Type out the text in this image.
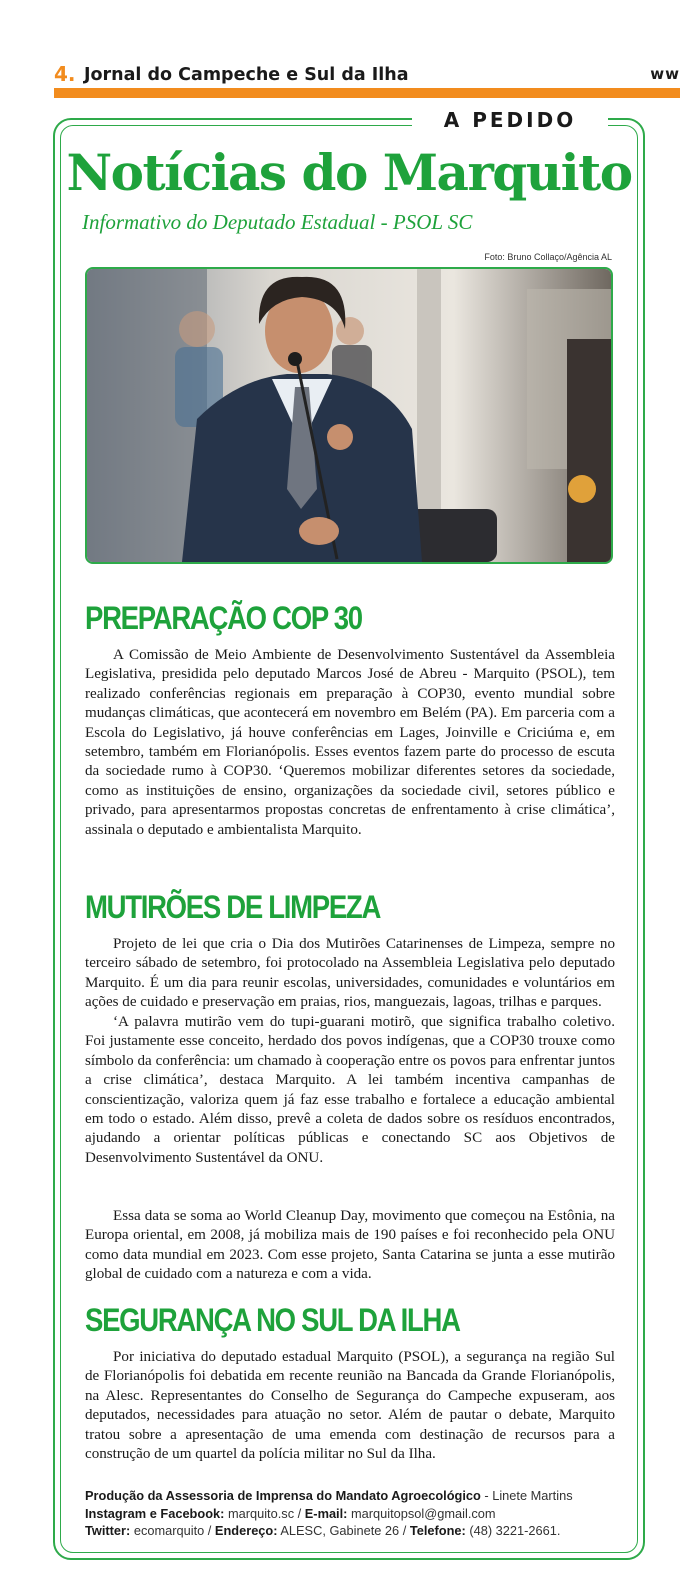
4. Jornal do Campeche e Sul da Ilha	ww
A PEDIDO
Notícias do Marquito
Informativo do Deputado Estadual - PSOL SC
Foto: Bruno Collaço/Agência AL
PREPARAÇÃO COP 30

A Comissão de Meio Ambiente de Desenvolvimento Sustentável da Assembleia Legislativa, presidida pelo deputado Marcos José de Abreu - Marquito (PSOL), tem realizado conferências regionais em preparação à COP30, evento mundial sobre mudanças climáticas, que acontecerá em novembro em Belém (PA). Em parceria com a Escola do Legislativo, já houve conferências em Lages, Joinville e Criciúma e, em setembro, também em Florianópolis. Esses eventos fazem parte do processo de escuta da sociedade rumo à COP30. ‘Queremos mobilizar diferentes setores da sociedade, como as instituições de ensino, organizações da sociedade civil, setores público e privado, para apresentarmos propostas concretas de enfrentamento à crise climática’, assinala o deputado e ambientalista Marquito.

MUTIRÕES DE LIMPEZA

Projeto de lei que cria o Dia dos Mutirões Catarinenses de Limpeza, sempre no terceiro sábado de setembro, foi protocolado na Assembleia Legislativa pelo deputado Marquito. É um dia para reunir escolas, universidades, comunidades e voluntários em ações de cuidado e preservação em praias, rios, manguezais, lagoas, trilhas e parques.

‘A palavra mutirão vem do tupi-guarani motirõ, que significa trabalho coletivo. Foi justamente esse conceito, herdado dos povos indígenas, que a COP30 trouxe como símbolo da conferência: um chamado à cooperação entre os povos para enfrentar juntos a crise climática’, destaca Marquito. A lei também incentiva campanhas de conscientização, valoriza quem já faz esse trabalho e fortalece a educação ambiental em todo o estado. Além disso, prevê a coleta de dados sobre os resíduos encontrados, ajudando a orientar políticas públicas e conectando SC aos Objetivos de Desenvolvimento Sustentável da ONU.

Essa data se soma ao World Cleanup Day, movimento que começou na Estônia, na Europa oriental, em 2008, já mobiliza mais de 190 países e foi reconhecido pela ONU como data mundial em 2023. Com esse projeto, Santa Catarina se junta a esse mutirão global de cuidado com a natureza e com a vida.

SEGURANÇA NO SUL DA ILHA

Por iniciativa do deputado estadual Marquito (PSOL), a segurança na região Sul de Florianópolis foi debatida em recente reunião na Bancada da Grande Florianópolis, na Alesc. Representantes do Conselho de Segurança do Campeche expuseram, aos deputados, necessidades para atuação no setor. Além de pautar o debate, Marquito tratou sobre a apresentação de uma emenda com destinação de recursos para a construção de um quartel da polícia militar no Sul da Ilha.

Produção da Assessoria de Imprensa do Mandato Agroecológico - Linete Martins
Instagram e Facebook: marquito.sc / E-mail: marquitopsol@gmail.com
Twitter: ecomarquito / Endereço: ALESC, Gabinete 26 / Telefone: (48) 3221-2661.
